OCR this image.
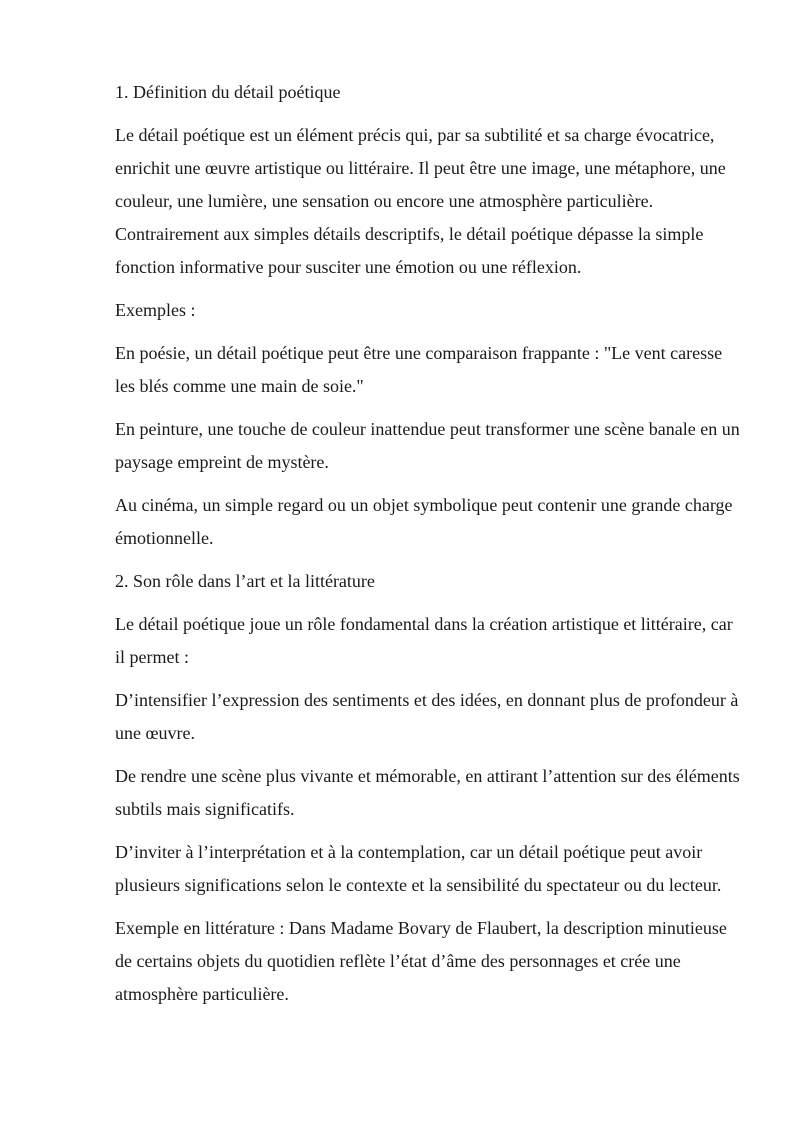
1. Définition du détail poétique

Le détail poétique est un élément précis qui, par sa subtilité et sa charge évocatrice, enrichit une œuvre artistique ou littéraire. Il peut être une image, une métaphore, une couleur, une lumière, une sensation ou encore une atmosphère particulière. Contrairement aux simples détails descriptifs, le détail poétique dépasse la simple fonction informative pour susciter une émotion ou une réflexion.

Exemples :

En poésie, un détail poétique peut être une comparaison frappante : "Le vent caresse les blés comme une main de soie."

En peinture, une touche de couleur inattendue peut transformer une scène banale en un paysage empreint de mystère.

Au cinéma, un simple regard ou un objet symbolique peut contenir une grande charge émotionnelle.

2. Son rôle dans l’art et la littérature

Le détail poétique joue un rôle fondamental dans la création artistique et littéraire, car il permet :

D’intensifier l’expression des sentiments et des idées, en donnant plus de profondeur à une œuvre.

De rendre une scène plus vivante et mémorable, en attirant l’attention sur des éléments subtils mais significatifs.

D’inviter à l’interprétation et à la contemplation, car un détail poétique peut avoir plusieurs significations selon le contexte et la sensibilité du spectateur ou du lecteur.

Exemple en littérature : Dans Madame Bovary de Flaubert, la description minutieuse de certains objets du quotidien reflète l’état d’âme des personnages et crée une atmosphère particulière.
